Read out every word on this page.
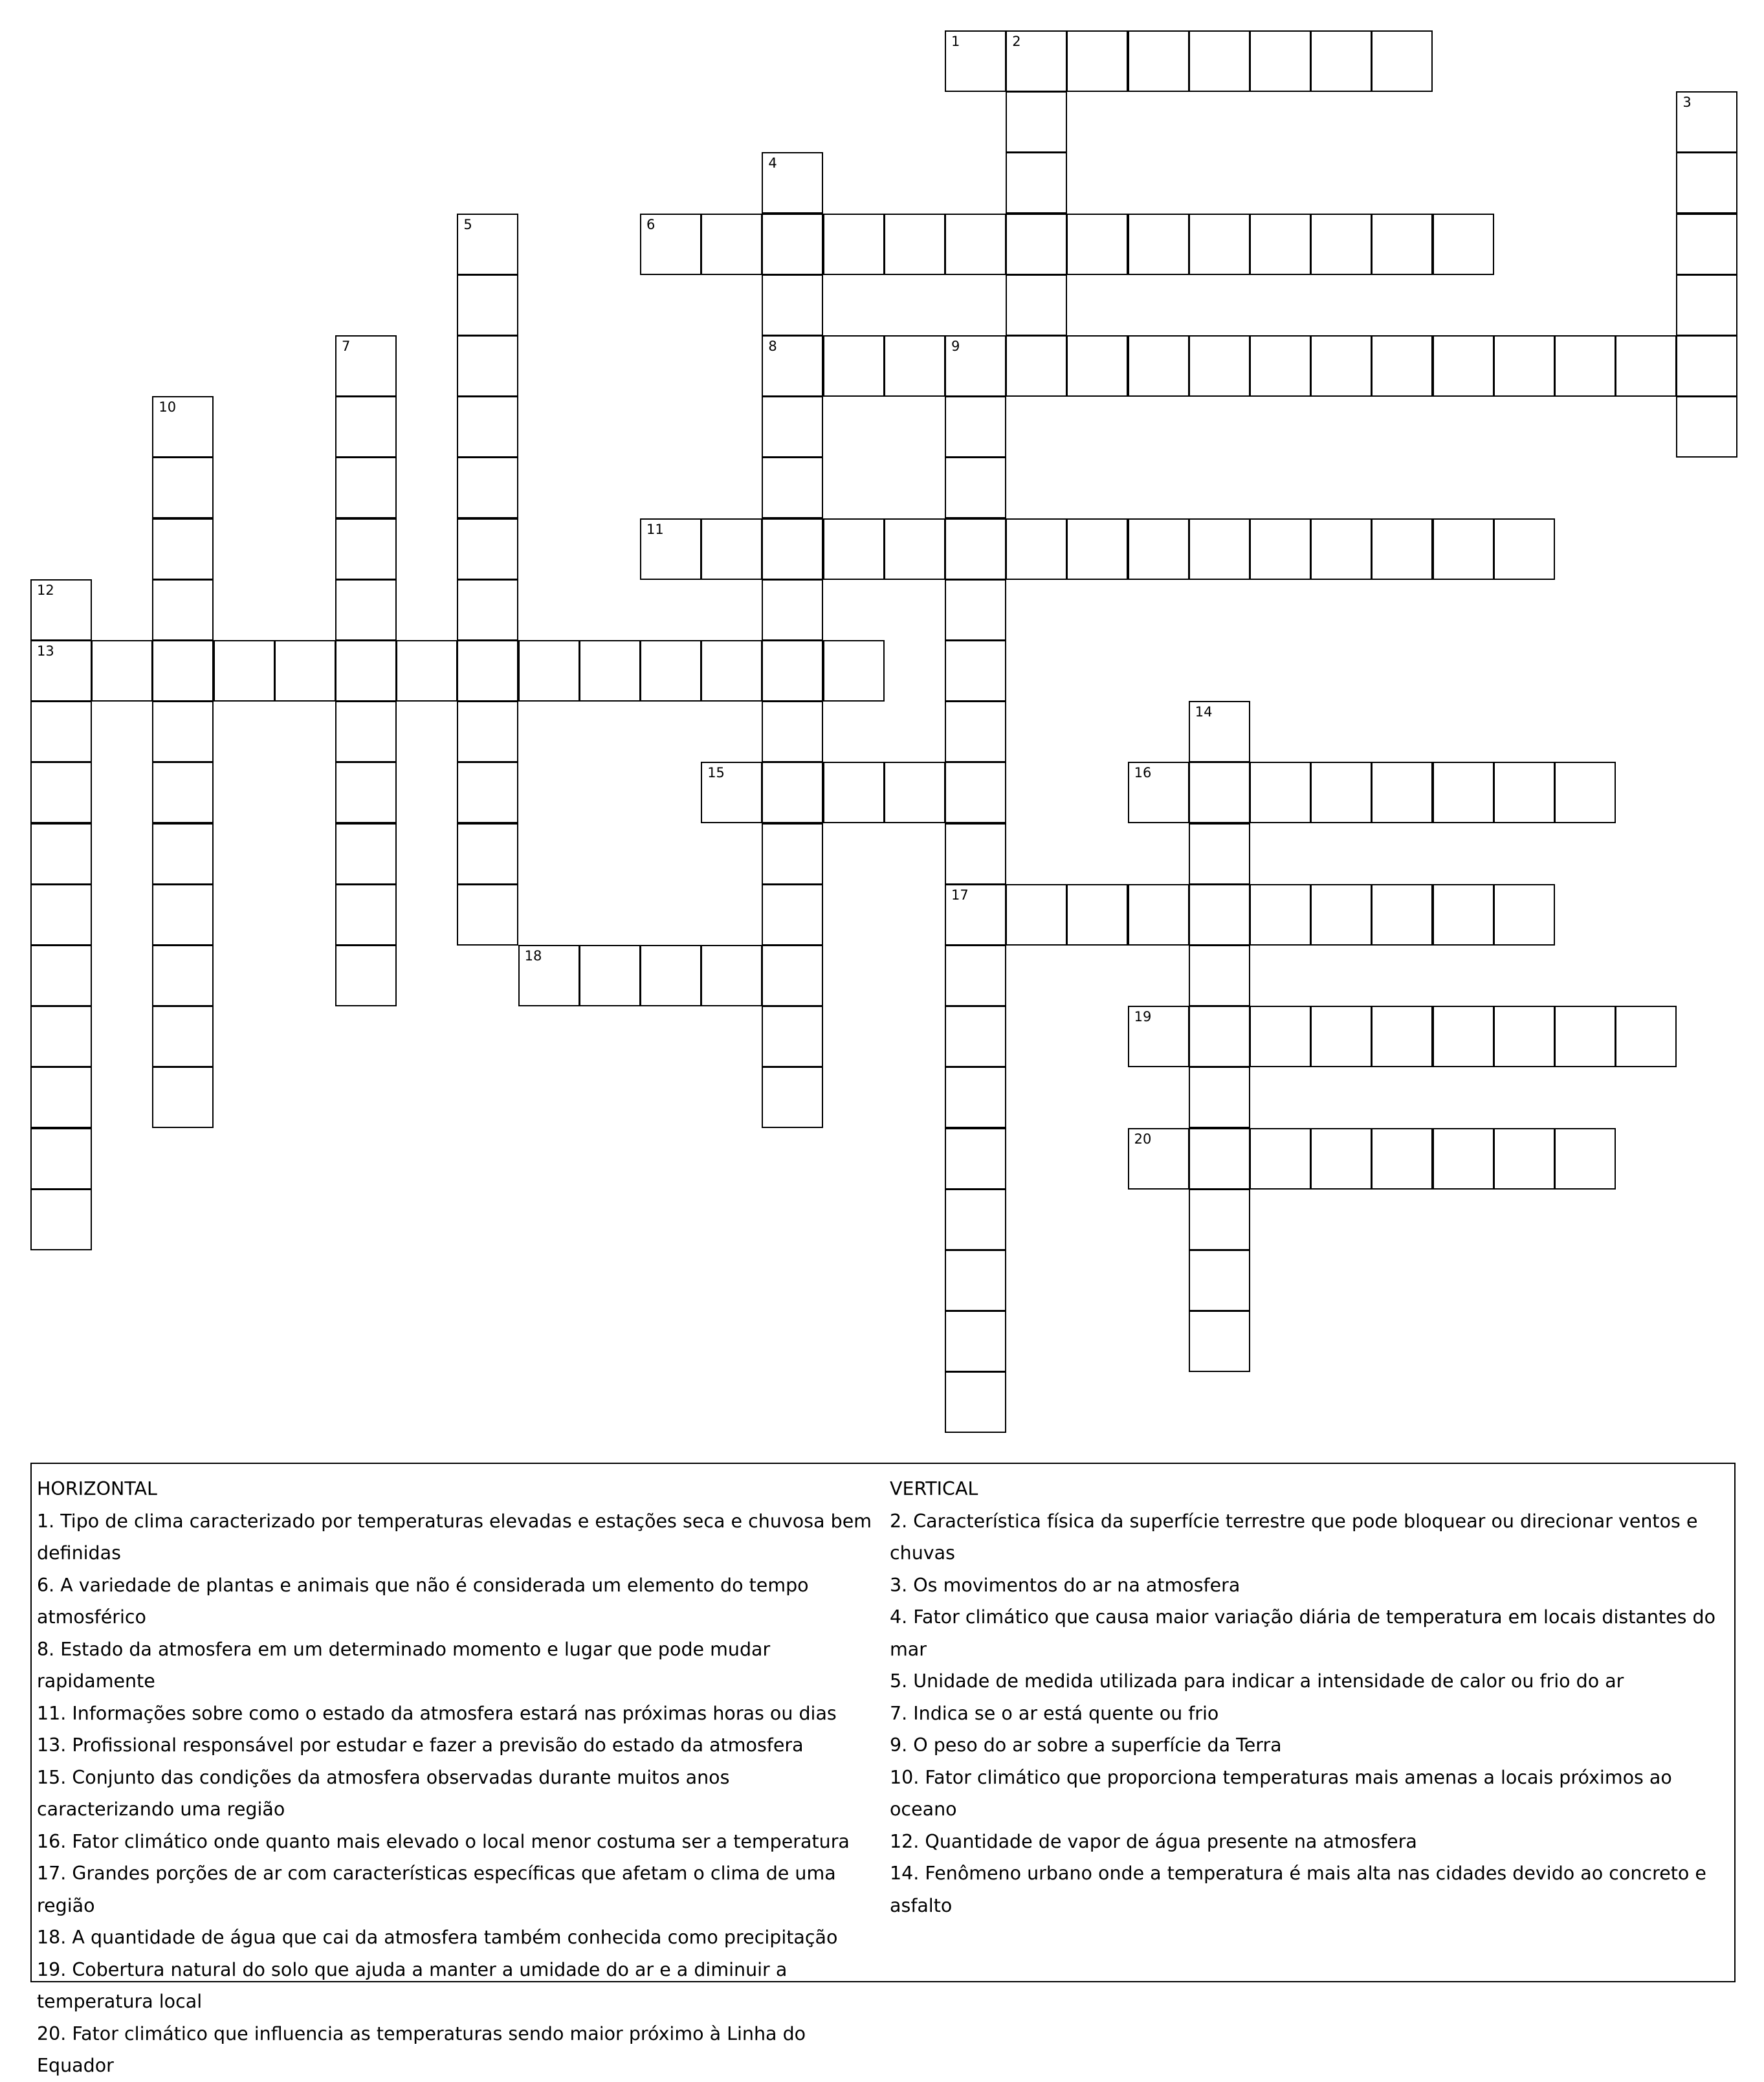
1	2
3
4
8
5	6
7	9
17
10
11
12
13
14
15	16
18
19
20
HORIZONTAL
1. Tipo de clima caracterizado por temperaturas elevadas e estações seca e chuvosa bem definidas
6. A variedade de plantas e animais que não é considerada um elemento do tempo atmosférico
8. Estado da atmosfera em um determinado momento e lugar que pode mudar rapidamente
11. Informações sobre como o estado da atmosfera estará nas próximas horas ou dias
13. Profissional responsável por estudar e fazer a previsão do estado da atmosfera
15. Conjunto das condições da atmosfera observadas durante muitos anos caracterizando uma região
16. Fator climático onde quanto mais elevado o local menor costuma ser a temperatura
17. Grandes porções de ar com características específicas que afetam o clima de uma região
18. A quantidade de água que cai da atmosfera também conhecida como precipitação
19. Cobertura natural do solo que ajuda a manter a umidade do ar e a diminuir a temperatura local
20. Fator climático que influencia as temperaturas sendo maior próximo à Linha do Equador
VERTICAL
2. Característica física da superfície terrestre que pode bloquear ou direcionar ventos e chuvas
3. Os movimentos do ar na atmosfera
4. Fator climático que causa maior variação diária de temperatura em locais distantes do mar
5. Unidade de medida utilizada para indicar a intensidade de calor ou frio do ar
7. Indica se o ar está quente ou frio
9. O peso do ar sobre a superfície da Terra
10. Fator climático que proporciona temperaturas mais amenas a locais próximos ao oceano
12. Quantidade de vapor de água presente na atmosfera
14. Fenômeno urbano onde a temperatura é mais alta nas cidades devido ao concreto e asfalto
